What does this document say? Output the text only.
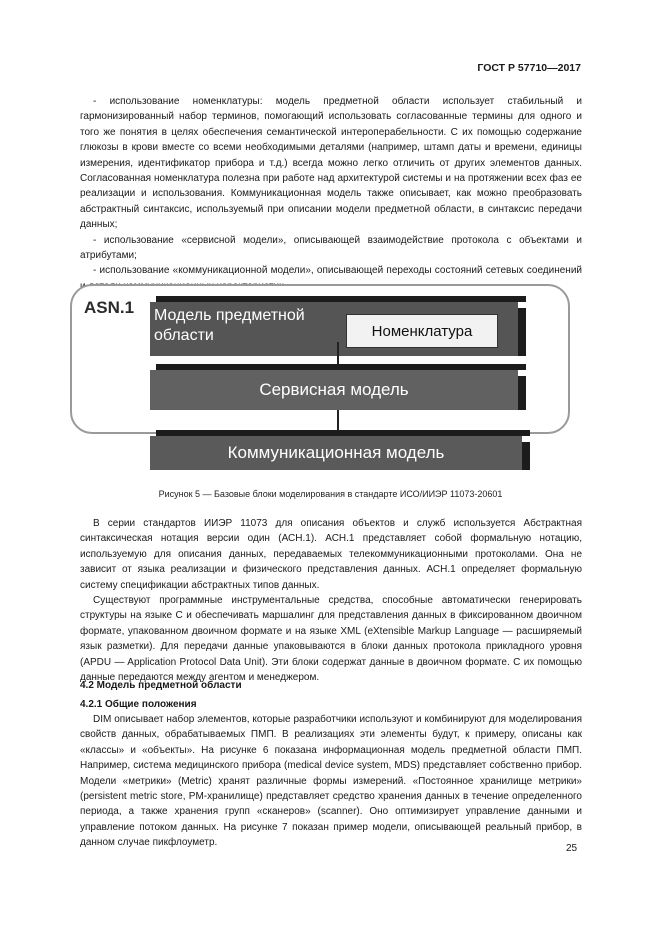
ГОСТ Р 57710—2017

- использование номенклатуры: модель предметной области использует стабильный и гармонизированный набор терминов, помогающий использовать согласованные термины для одного и того же понятия в целях обеспечения семантической интероперабельности. С их помощью содержание глюкозы в крови вместе со всеми необходимыми деталями (например, штамп даты и времени, единицы измерения, идентификатор прибора и т.д.) всегда можно легко отличить от других элементов данных. Согласованная номенклатура полезна при работе над архитектурой системы и на протяжении всех фаз ее реализации и использования. Коммуникационная модель также описывает, как можно преобразовать абстрактный синтаксис, используемый при описании модели предметной области, в синтаксис передачи данных;

- использование «сервисной модели», описывающей взаимодействие протокола с объектами и атрибутами;

- использование «коммуникационной модели», описывающей переходы состояний сетевых соединений

ASN.1 Модель предметной
области	Номенклатура
Сервисная модель
Коммуникационная модель
Рисунок 5 — Базовые блоки моделирования в стандарте ИСО/ИИЭР 11073-20601

В серии стандартов ИИЭР 11073 для описания объектов и служб используется Абстрактная синтаксическая нотация версии один (АСН.1). АСН.1 представляет собой формальную нотацию, используемую для описания данных, передаваемых телекоммуникационными протоколами. Она не зависит от языка реализации и физического представления данных. АСН.1 определяет формальную систему спецификации абстрактных типов данных.

Существуют программные инструментальные средства, способные автоматически генерировать структуры на языке С и обеспечивать маршалинг для представления данных в фиксированном двоичном формате, упакованном двоичном формате и на языке XML (eXtensible Markup Language — расширяемый язык разметки). Для передачи данные упаковываются в блоки данных протокола прикладного уровня (APDU — Application Protocol Data Unit). Эти блоки содержат данные в двоичном формате. С их помощью данные передаются между агентом и менеджером.

4.2 Модель предметной области
4.2.1 Общие положения

DIM описывает набор элементов, которые разработчики используют и комбинируют для моделирования свойств данных, обрабатываемых ПМП. В реализациях эти элементы будут, к примеру, описаны как «классы» и «объекты». На рисунке 6 показана информационная модель предметной области ПМП. Например, система медицинского прибора (medical device system, MDS) представляет собственно прибор. Модели «метрики» (Metric) хранят различные формы измерений. «Постоянное хранилище метрики» (persistent metric store, PM-хранилище) представляет средство хранения данных в течение определенного периода, а также хранения групп «сканеров» (scanner). Оно оптимизирует управление данными и управление потоком данных. На рисунке 7 показан пример модели, описывающей реальный прибор, в данном случае пикфлоуметр.

25
